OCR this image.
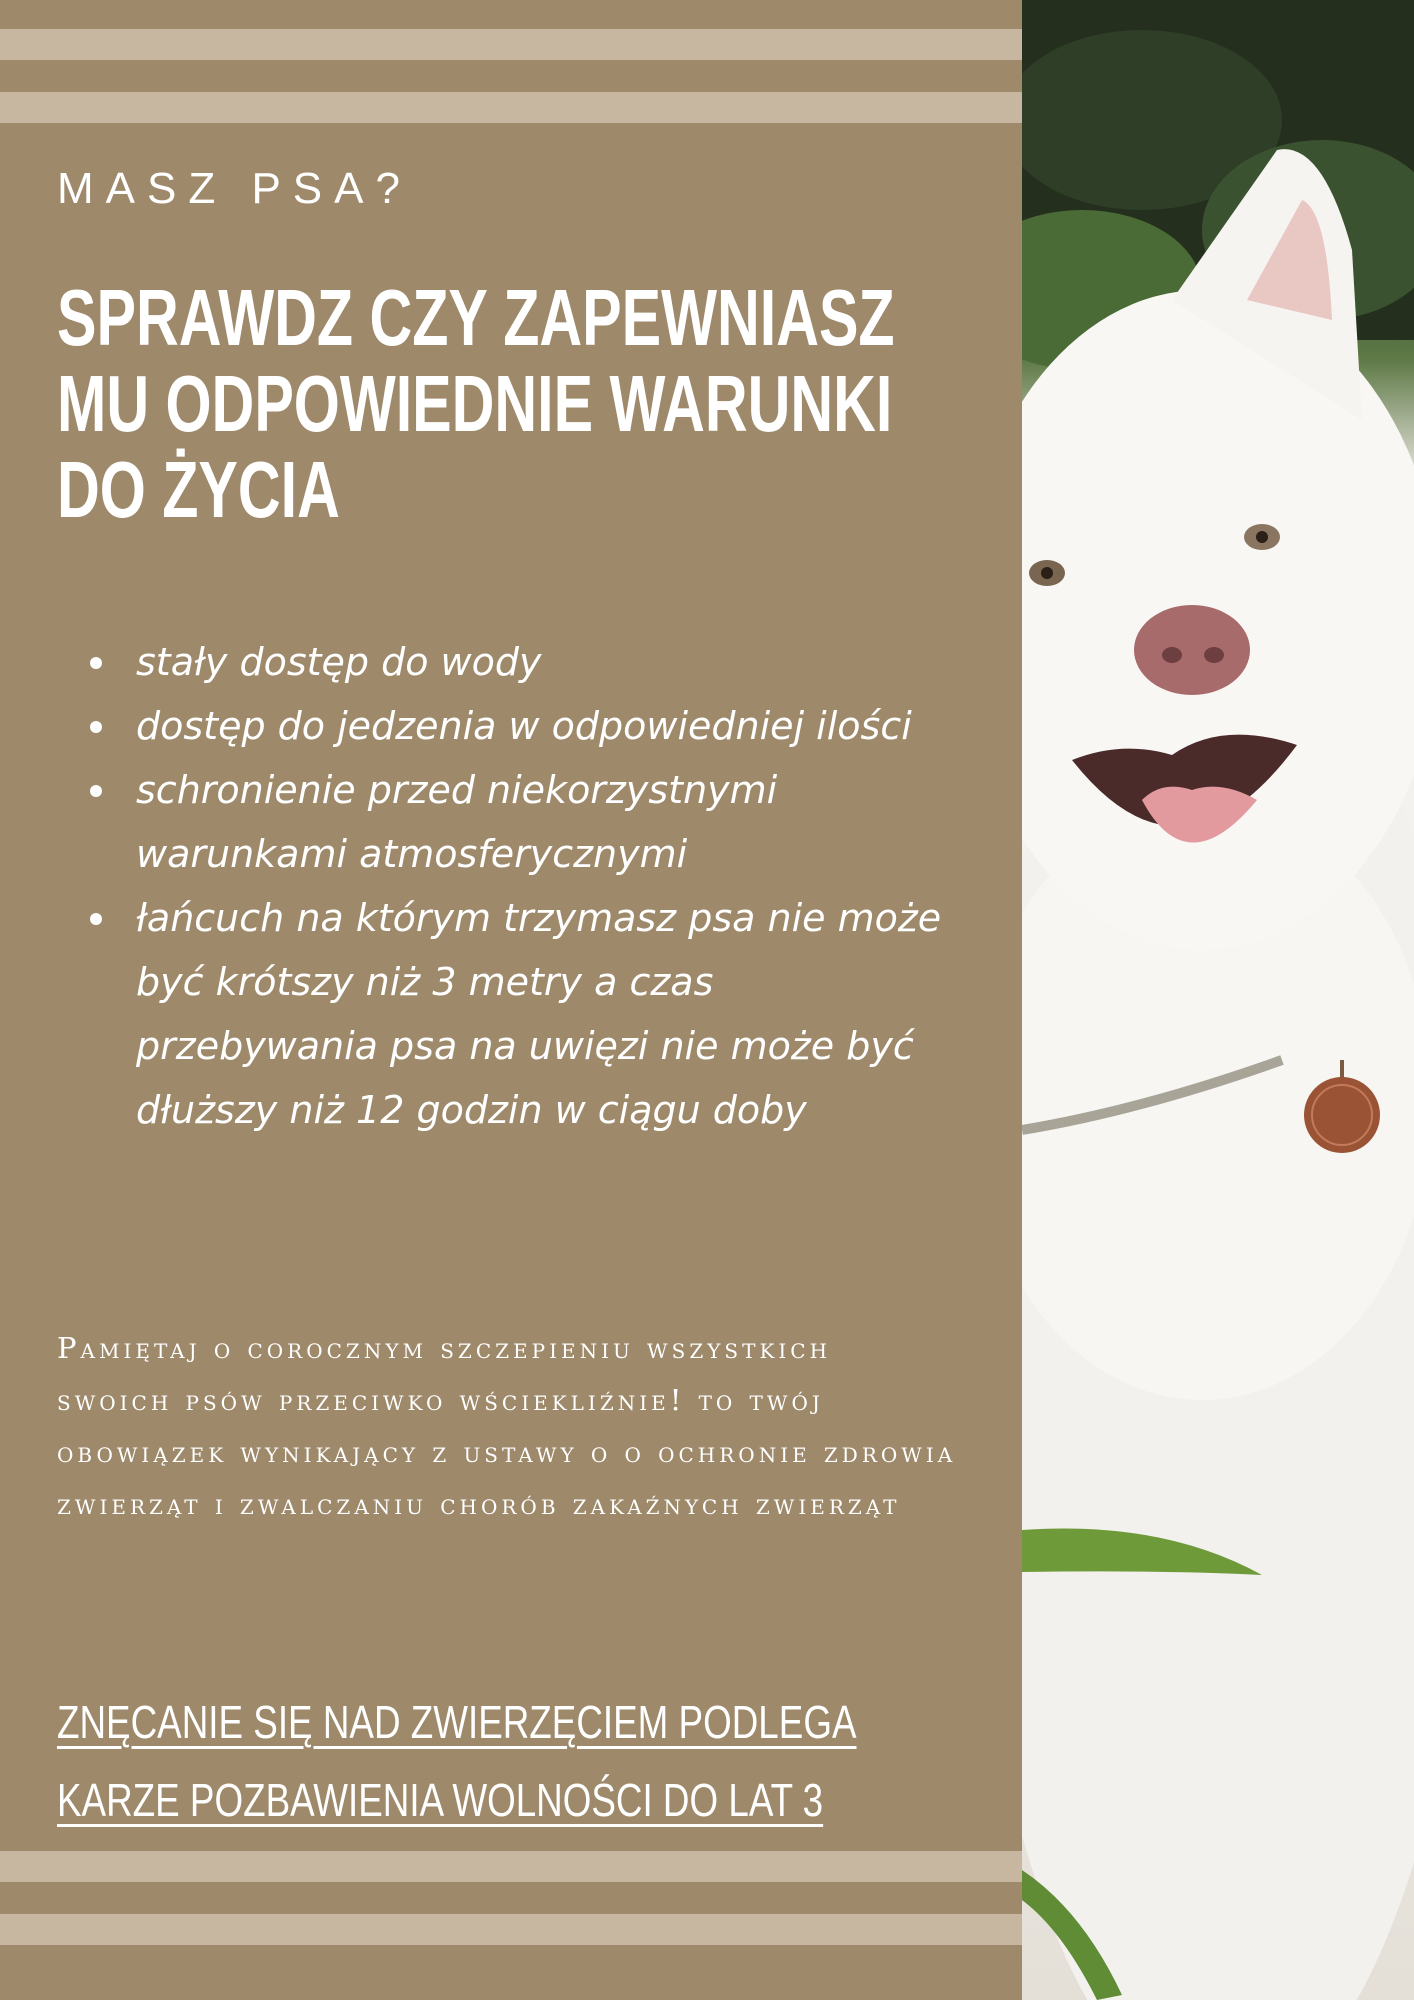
MASZ PSA?
SPRAWDZ CZY ZAPEWNIASZ
MU ODPOWIEDNIE WARUNKI
DO ŻYCIA
stały dostęp do wody
dostęp do jedzenia w odpowiedniej ilości
schronienie przed niekorzystnymi warunkami atmosferycznymi
łańcuch na którym trzymasz psa nie może być krótszy niż 3 metry a czas przebywania psa na uwięzi nie może być dłuższy niż 12 godzin w ciągu doby
Pamiętaj o corocznym szczepieniu wszystkich swoich psów przeciwko wściekliźnie! to twój obowiązek wynikający z ustawy o o ochronie zdrowia zwierząt i zwalczaniu chorób zakaźnych zwierząt
ZNĘCANIE SIĘ NAD ZWIERZĘCIEM PODLEGA
KARZE POZBAWIENIA WOLNOŚCI DO LAT 3
